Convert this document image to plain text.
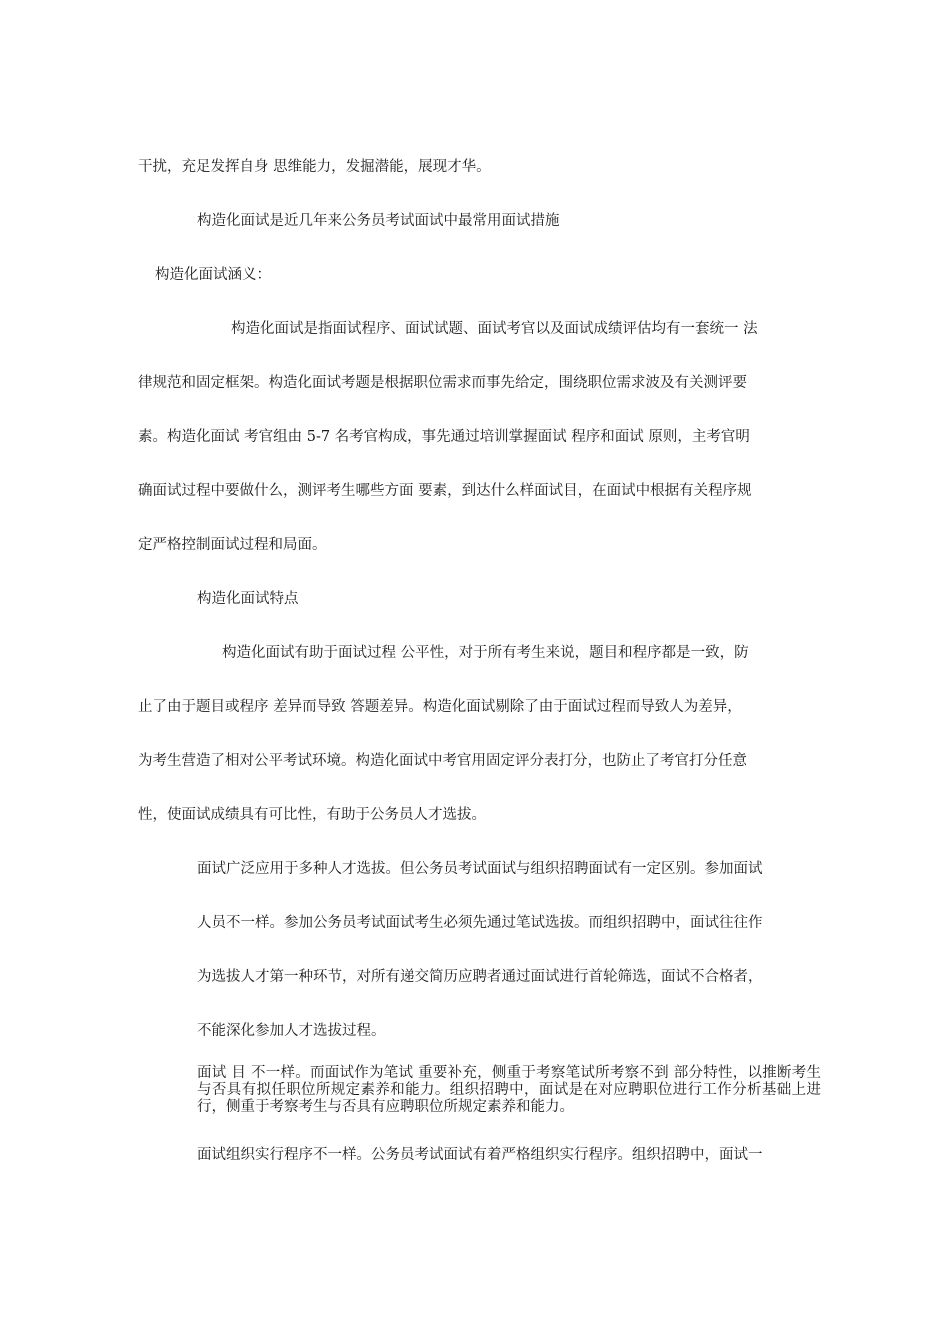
干扰，充足发挥自身 思维能力，发掘潜能，展现才华。

构造化面试是近几年来公务员考试面试中最常用面试措施

构造化面试涵义：

构造化面试是指面试程序、面试试题、面试考官以及面试成绩评估均有一套统一 法

律规范和固定框架。构造化面试考题是根据职位需求而事先给定，围绕职位需求波及有关测评要

素。构造化面试 考官组由 5-7 名考官构成，事先通过培训掌握面试 程序和面试 原则，主考官明

确面试过程中要做什么，测评考生哪些方面 要素，到达什么样面试目，在面试中根据有关程序规

定严格控制面试过程和局面。

构造化面试特点

构造化面试有助于面试过程 公平性，对于所有考生来说，题目和程序都是一致，防

止了由于题目或程序 差异而导致 答题差异。构造化面试剔除了由于面试过程而导致人为差异，

为考生营造了相对公平考试环境。构造化面试中考官用固定评分表打分，也防止了考官打分任意

性，使面试成绩具有可比性，有助于公务员人才选拔。

面试广泛应用于多种人才选拔。但公务员考试面试与组织招聘面试有一定区别。参加面试

人员不一样。参加公务员考试面试考生必须先通过笔试选拔。而组织招聘中，面试往往作

为选拔人才第一种环节，对所有递交简历应聘者通过面试进行首轮筛选，面试不合格者，

不能深化参加人才选拔过程。

面试 目 不一样。而面试作为笔试 重要补充，侧重于考察笔试所考察不到 部分特性，以推断考生与否具有拟任职位所规定素养和能力。组织招聘中，面试是在对应聘职位进行工作分析基础上进行，侧重于考察考生与否具有应聘职位所规定素养和能力。

面试组织实行程序不一样。公务员考试面试有着严格组织实行程序。组织招聘中，面试一
